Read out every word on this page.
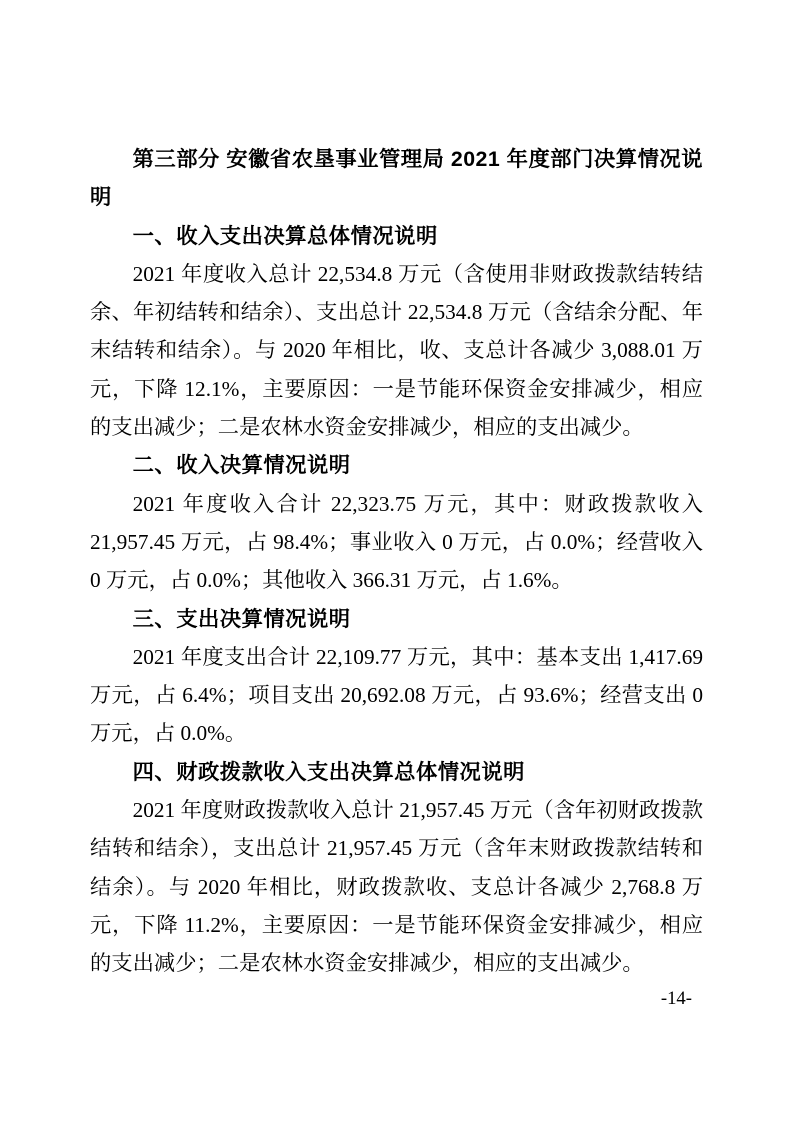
第三部分 安徽省农垦事业管理局 2021 年度部门决算情况说明
一、收入支出决算总体情况说明

2021 年度收入总计 22,534.8 万元（含使用非财政拨款结转结余、年初结转和结余）、支出总计 22,534.8 万元（含结余分配、年末结转和结余）。与 2020 年相比，收、支总计各减少 3,088.01 万元，下降 12.1%，主要原因：一是节能环保资金安排减少，相应的支出减少；二是农林水资金安排减少，相应的支出减少。

二、收入决算情况说明

2021 年度收入合计 22,323.75 万元，其中：财政拨款收入 21,957.45 万元，占 98.4%；事业收入 0 万元，占 0.0%；经营收入 0 万元，占 0.0%；其他收入 366.31 万元，占 1.6%。

三、支出决算情况说明

2021 年度支出合计 22,109.77 万元，其中：基本支出 1,417.69 万元，占 6.4%；项目支出 20,692.08 万元，占 93.6%；经营支出 0 万元，占 0.0%。

四、财政拨款收入支出决算总体情况说明

2021 年度财政拨款收入总计 21,957.45 万元（含年初财政拨款结转和结余），支出总计 21,957.45 万元（含年末财政拨款结转和结余）。与 2020 年相比，财政拨款收、支总计各减少 2,768.8 万元，下降 11.2%，主要原因：一是节能环保资金安排减少，相应的支出减少；二是农林水资金安排减少，相应的支出减少。

-14-
